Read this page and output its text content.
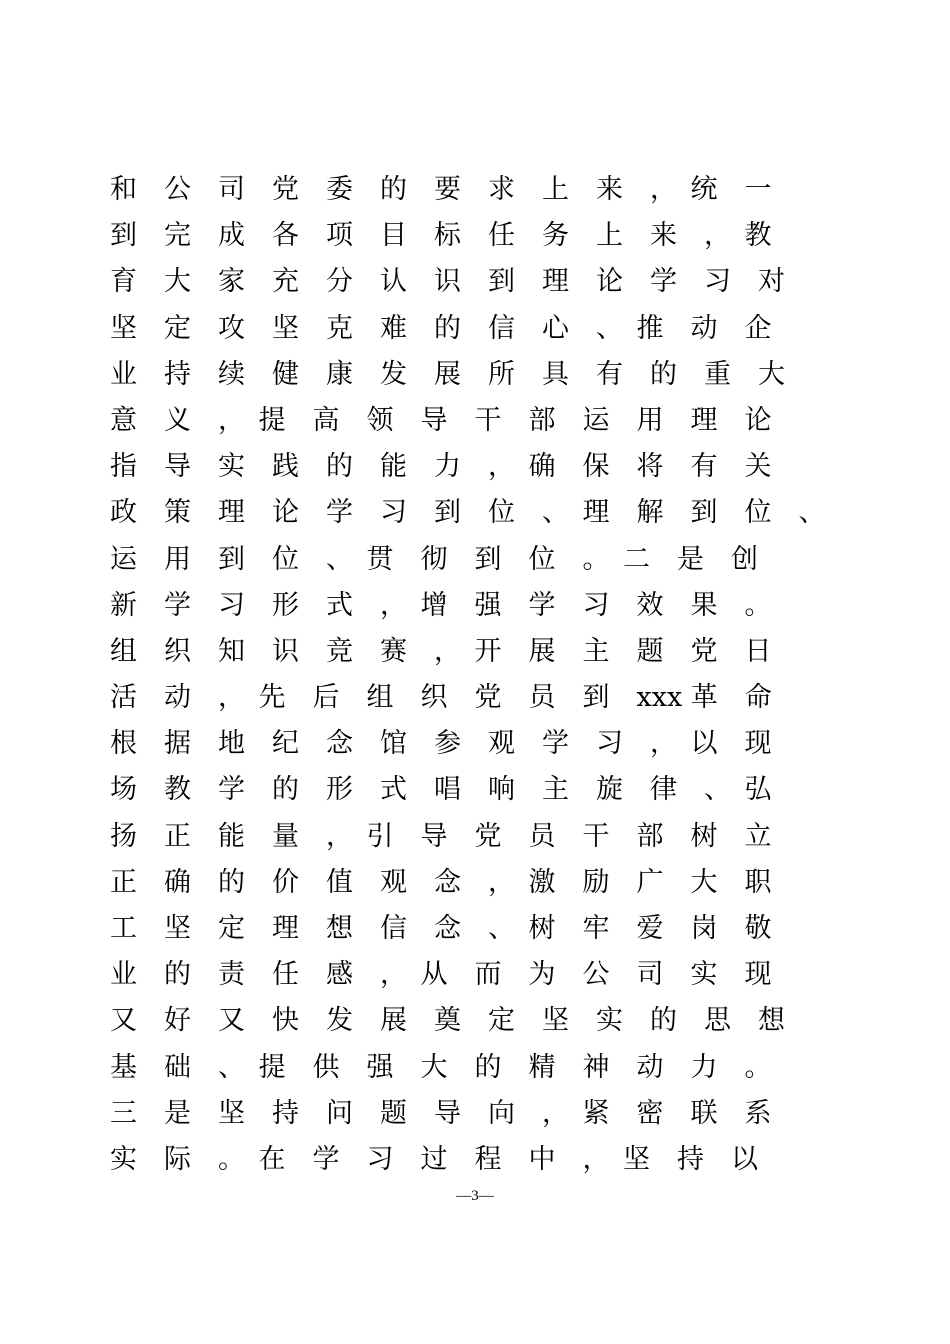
和　公　司　党　委　的　要　求　上　来　，　统　一
到　完　成　各　项　目　标　任　务　上　来　，　教
育　大　家　充　分　认　识　到　理　论　学　习　对
坚　定　攻　坚　克　难　的　信　心　、　推　动　企
业　持　续　健　康　发　展　所　具　有　的　重　大
意　义　，　提　高　领　导　干　部　运　用　理　论
指　导　实　践　的　能　力　，　确　保　将　有　关
政　策　理　论　学　习　到　位　、　理　解　到　位　、
运　用　到　位　、　贯　彻　到　位　。　二　是　创
新　学　习　形　式　，　增　强　学　习　效　果　。
组　织　知　识　竞　赛　，　开　展　主　题　党　日
活　动　，　先　后　组　织　党　员　到　xxx 革　命
根　据　地　纪　念　馆　参　观　学　习　，　以　现
场　教　学　的　形　式　唱　响　主　旋　律　、　弘
扬　正　能　量　，　引　导　党　员　干　部　树　立
正　确　的　价　值　观　念　，　激　励　广　大　职
工　坚　定　理　想　信　念　、　树　牢　爱　岗　敬
业　的　责　任　感　，　从　而　为　公　司　实　现
又　好　又　快　发　展　奠　定　坚　实　的　思　想
基　础　、　提　供　强　大　的　精　神　动　力　。
三　是　坚　持　问　题　导　向　，　紧　密　联　系
实　际　。　在　学　习　过　程　中　，　坚　持　以
—3—
